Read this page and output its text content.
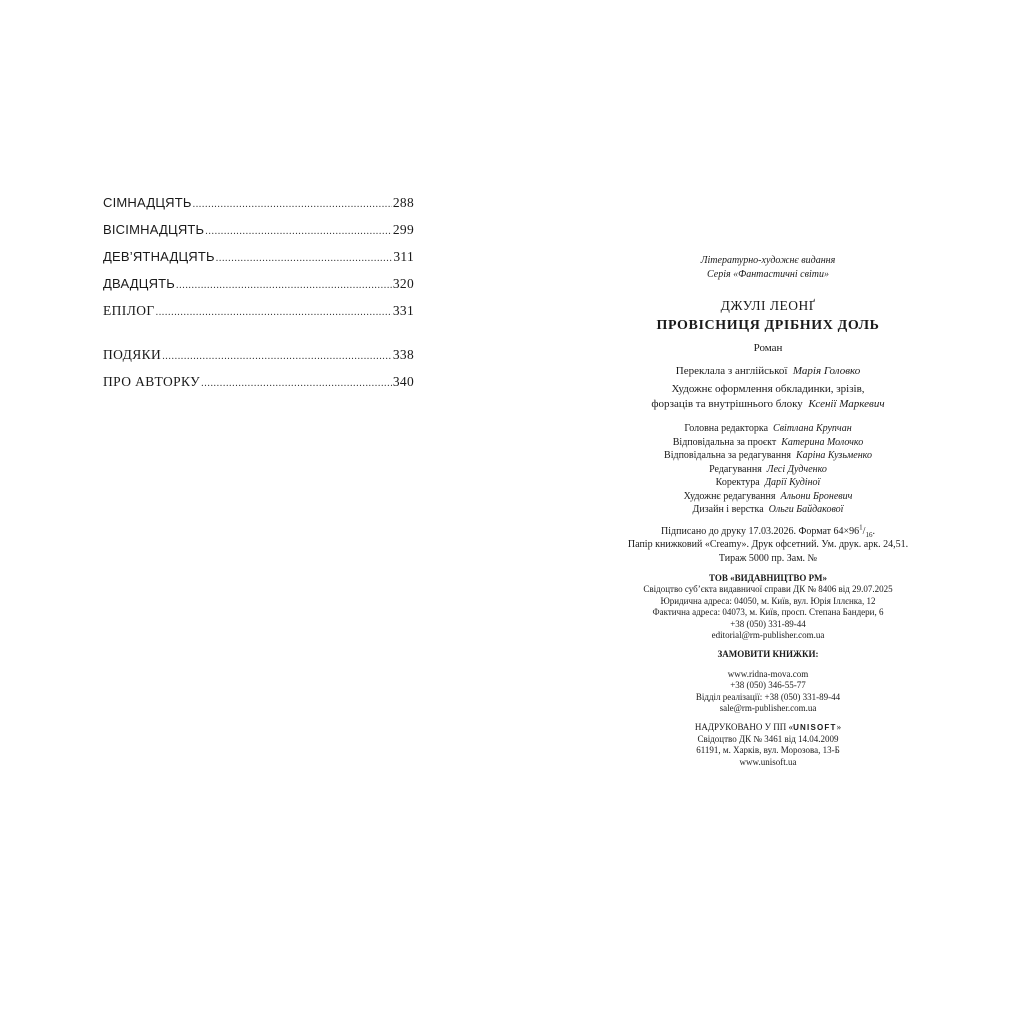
СІМНАДЦЯТЬ .....	288
ВІСІМНАДЦЯТЬ .....	299
ДЕВ’ЯТНАДЦЯТЬ .....	311
ДВАДЦЯТЬ .....	320
ЕПІЛОГ .....	331
ПОДЯКИ .....	338
ПРО АВТОРКУ .....	340
Літературно-художнє видання
Серія «Фантастичні світи»
ДЖУЛІ ЛЕОНҐ
ПРОВІСНИЦЯ ДРІБНИХ ДОЛЬ
Роман
Переклала з англійської Марія Головко
Художнє оформлення обкладинки, зрізів,
форзаців та внутрішнього блоку Ксенії Маркевич
Головна редакторка Світлана Крупчан
Відповідальна за проєкт Катерина Молочко
Відповідальна за редагування Каріна Кузьменко
Редагування Лесі Дудченко
Коректура Дарії Кудіної
Художнє редагування Альони Броневич
Дизайн і верстка Ольги Байдакової
Підписано до друку 17.03.2026. Формат $64\times 96^1/_{16}$.
Папір книжковий «Creamy». Друк офсетний. Ум. друк. арк. 24,51.
Тираж 5000 пр. Зам. №
ТОВ «ВИДАВНИЦТВО РМ»
Свідоцтво суб’єкта видавничої справи ДК № 8406 від 29.07.2025
Юридична адреса: 04050, м. Київ, вул. Юрія Іллєнка, 12
Фактична адреса: 04073, м. Київ, просп. Степана Бандери, 6
+38 (050) 331-89-44
editorial@rm-publisher.com.ua
ЗАМОВИТИ КНИЖКИ:
www.ridna-mova.com
+38 (050) 346-55-77
Відділ реалізації: +38 (050) 331-89-44
sale@rm-publisher.com.ua
НАДРУКОВАНО У ПП «UNISOFT»
Свідоцтво ДК № 3461 від 14.04.2009
61191, м. Харків, вул. Морозова, 13-Б
www.unisoft.ua
